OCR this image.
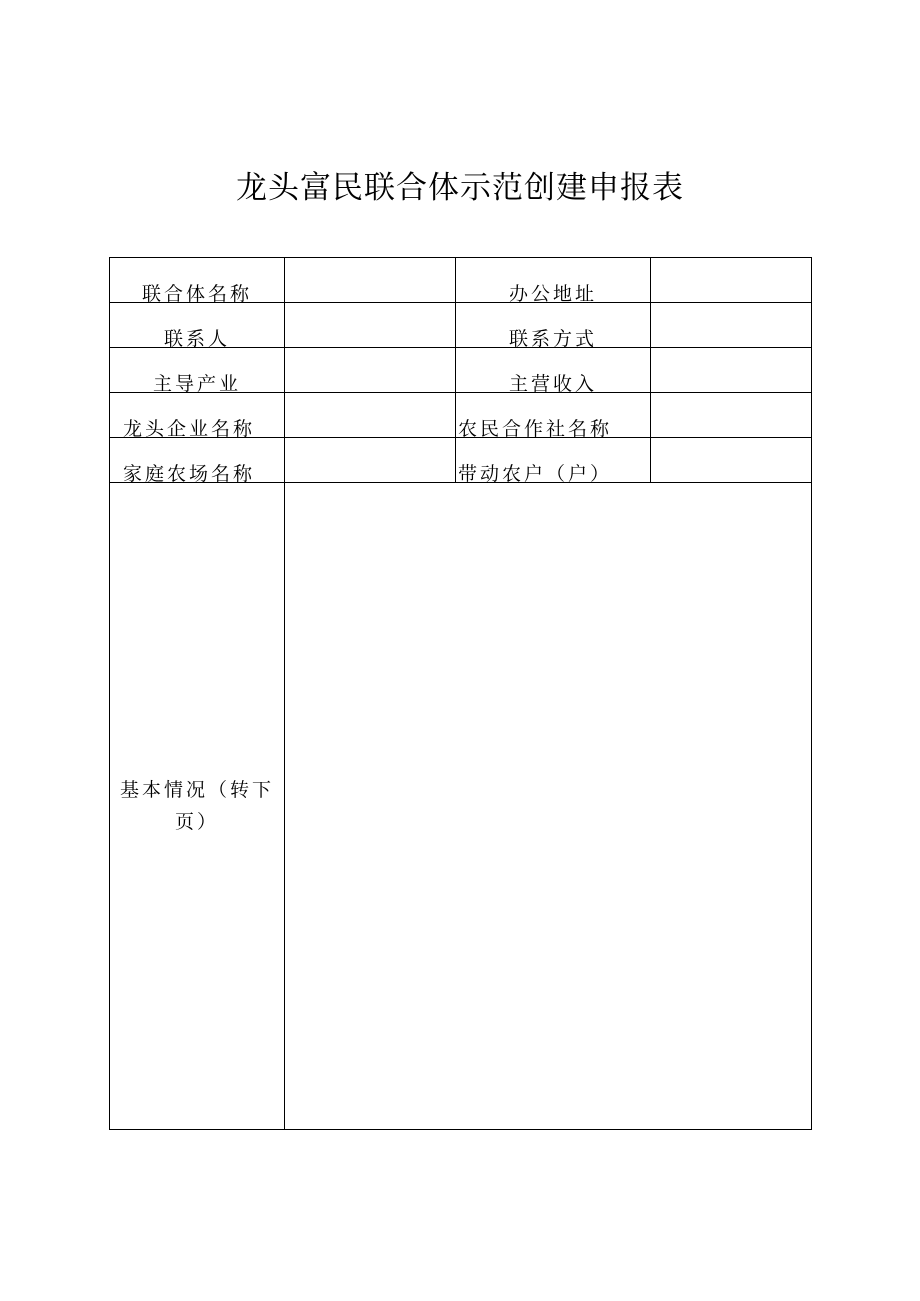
龙头富民联合体示范创建申报表
联合体名称		办公地址	
联系人		联系方式	
主导产业		主营收入	
龙头企业名称		农民合作社名称	
家庭农场名称		带动农户（户）	
基本情况（转下页）			
